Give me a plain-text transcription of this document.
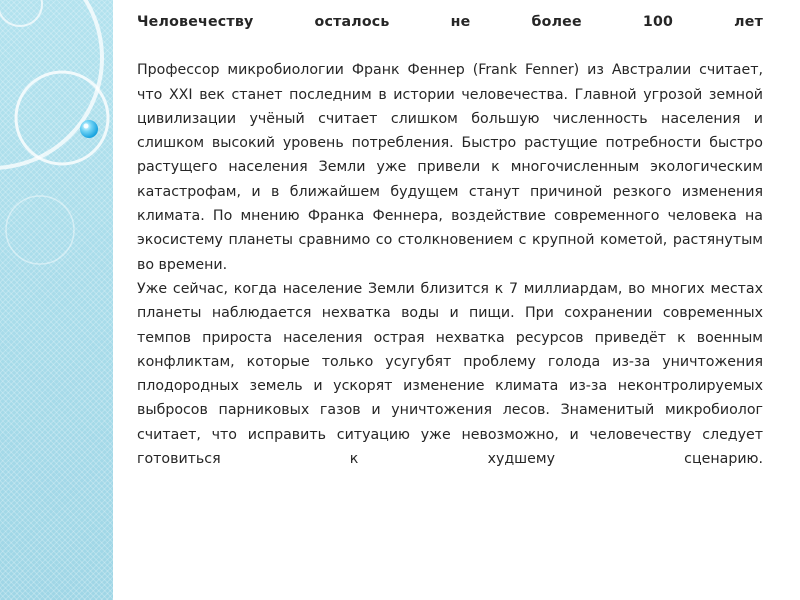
Человечеству осталось не более 100 лет

Профессор микробиологии Франк Феннер (Frank Fenner) из Австралии считает, что XXI век станет последним в истории человечества. Главной угрозой земной цивилизации учёный считает слишком большую численность населения и слишком высокий уровень потребления. Быстро растущие потребности быстро растущего населения Земли уже привели к многочисленным экологическим катастрофам, и в ближайшем будущем станут причиной резкого изменения климата. По мнению Франка Феннера, воздействие современного человека на экосистему планеты сравнимо со столкновением с крупной кометой, растянутым во времени.

Уже сейчас, когда население Земли близится к 7 миллиардам, во многих местах планеты наблюдается нехватка воды и пищи. При сохранении современных темпов прироста населения острая нехватка ресурсов приведёт к военным конфликтам, которые только усугубят проблему голода из-за уничтожения плодородных земель и ускорят изменение климата из-за неконтролируемых выбросов парниковых газов и уничтожения лесов. Знаменитый микробиолог считает, что исправить ситуацию уже невозможно, и человечеству следует готовиться к худшему сценарию.
